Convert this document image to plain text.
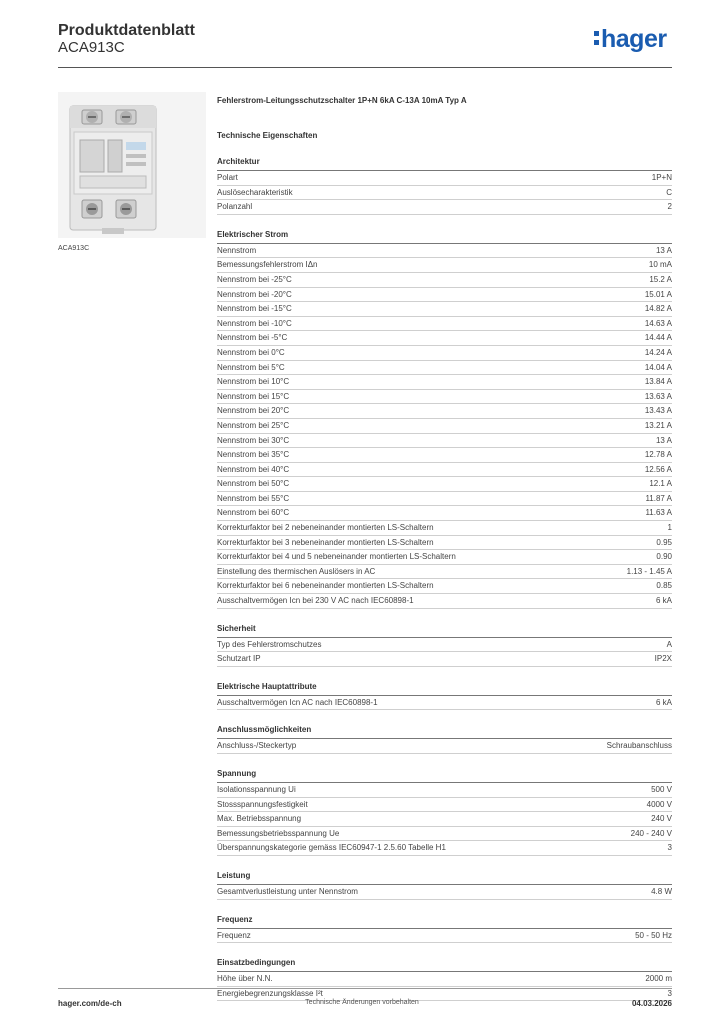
Produktdatenblatt
ACA913C	hager
ACA913C
Fehlerstrom-Leitungsschutzschalter 1P+N 6kA C-13A 10mA Typ A
Technische Eigenschaften
Architektur
Polart	1P+N
Auslösecharakteristik	C
Polanzahl	2
Elektrischer Strom
Nennstrom	13 A
Bemessungsfehlerstrom IΔn	10 mA
Nennstrom bei -25°C	15.2 A
Nennstrom bei -20°C	15.01 A
Nennstrom bei -15°C	14.82 A
Nennstrom bei -10°C	14.63 A
Nennstrom bei -5°C	14.44 A
Nennstrom bei 0°C	14.24 A
Nennstrom bei 5°C	14.04 A
Nennstrom bei 10°C	13.84 A
Nennstrom bei 15°C	13.63 A
Nennstrom bei 20°C	13.43 A
Nennstrom bei 25°C	13.21 A
Nennstrom bei 30°C	13 A
Nennstrom bei 35°C	12.78 A
Nennstrom bei 40°C	12.56 A
Nennstrom bei 50°C	12.1 A
Nennstrom bei 55°C	11.87 A
Nennstrom bei 60°C	11.63 A
Korrekturfaktor bei 2 nebeneinander montierten LS-Schaltern	1
Korrekturfaktor bei 3 nebeneinander montierten LS-Schaltern	0.95
Korrekturfaktor bei 4 und 5 nebeneinander montierten LS-Schaltern	0.90
Einstellung des thermischen Auslösers in AC	1.13 - 1.45 A
Korrekturfaktor bei 6 nebeneinander montierten LS-Schaltern	0.85
Ausschaltvermögen Icn bei 230 V AC nach IEC60898-1	6 kA
Sicherheit
Typ des Fehlerstromschutzes	A
Schutzart IP	IP2X
Elektrische Hauptattribute
Ausschaltvermögen Icn AC nach IEC60898-1	6 kA
Anschlussmöglichkeiten
Anschluss-/Steckertyp	Schraubanschluss
Spannung
Isolationsspannung Ui	500 V
Stossspannungsfestigkeit	4000 V
Max. Betriebsspannung	240 V
Bemessungsbetriebsspannung Ue	240 - 240 V
Überspannungskategorie gemäss IEC60947-1 2.5.60 Tabelle H1	3
Leistung
Gesamtverlustleistung unter Nennstrom	4.8 W
Frequenz
Frequenz	50 - 50 Hz
Einsatzbedingungen
Höhe über N.N.	2000 m
Energiebegrenzungsklasse I²t	3
hager.com/de-ch	Technische Änderungen vorbehalten	04.03.2026
